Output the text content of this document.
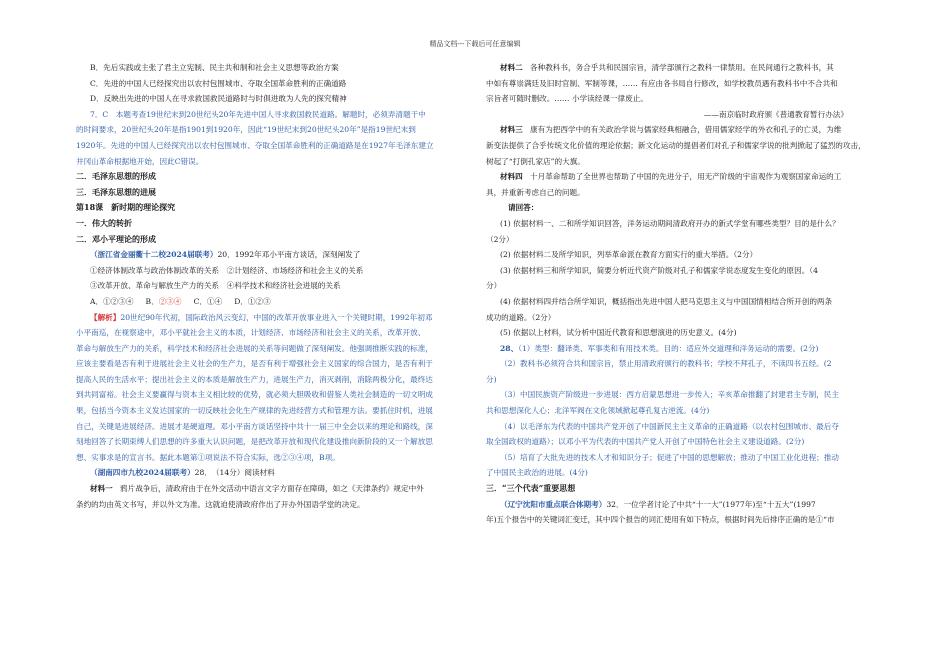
精品文档---下载后可任意编辑

B．先后实践或主张了君主立宪制、民主共和制和社会主义思想等政治方案

C．先进的中国人已经探究出以农村包围城市、夺取全国革命胜利的正确道路

D．反映出先进的中国人在寻求救国救民道路时与时俱进敢为人先的探究精神

7．C　本题考查19世纪末到20世纪头20年先进中国人寻求救国救民道路。解题时，必须弄清题干中

的时间要求，20世纪头20年是指1901到1920年，因此“19世纪末到20世纪头20年”是指19世纪末到

1920年。先进的中国人已经探究出以农村包围城市、夺取全国革命胜利的正确道路是在1927年毛泽东建立

井冈山革命根据地开始，因此C错误。

二．毛泽东思想的形成

三．毛泽东思想的进展

第18课　新时期的理论探究

一．伟大的转折

二．邓小平理论的形成

（浙江省金丽衢十二校2024届联考）20．1992年邓小平南方谈话，深刻阐发了

①经济体制改革与政治体制改革的关系　②计划经济、市场经济和社会主义的关系

③改革开放、革命与解放生产力的关系　④科学技术和经济社会进展的关系

A．①②③④ B．②③④ C．①④ D．①②③

【解析】20世纪90年代初，国际政治风云变幻，中国的改革开放事业进入一个关键时期，1992年初邓

小平南巡，在视察途中，邓小平就社会主义的本质，计划经济、市场经济和社会主义的关系，改革开放、

革命与解放生产力的关系，科学技术和经济社会进展的关系等问题做了深刻阐发。他强调推断实践的标准，

应该主要看是否有利于进展社会主义社会的生产力，是否有利于增强社会主义国家的综合国力，是否有利于

提高人民的生活水平；提出社会主义的本质是解放生产力，进展生产力，消灭剥削，消除两极分化，最终达

到共同富裕。社会主义要赢得与资本主义相比较的优势，就必须大胆吸收和借鉴人类社会制造的一切文明成

果，包括当今资本主义发达国家的一切反映社会化生产规律的先进经营方式和管理方法。要抓住时机，进展

自己，关键是进展经济。进展才是硬道理。邓小平南方谈话坚持中共十一届三中全会以来的理论和路线，深

刻地回答了长期束缚人们思想的许多重大认识问题，是把改革开放和现代化建设推向新阶段的又一个解放思

想、实事求是的宣言书。据此本题第①项说法不符合实际，选②③④项，B项。

（湖南四市九校2024届联考）28．　（14分）阅读材料

材料一 鸦片战争后，清政府由于在外交活动中语言文字方面存在障碍，如之《天津条约》规定中外

条约的均由英文书写，并以外文为准。这就迫使清政府作出了开办外国语学堂的决定。

材料二 各种教科书，务合乎共和民国宗旨，清学部颁行之教科一律禁用。在民间通行之教科书，其

中如有尊崇满廷及旧时官制、军制等课，…… 有应由各书局自行修改，如学校教员遇有教科书中不合共和

宗旨者可随时删改。…… 小学读经课一律废止。

——南京临时政府颁《普通教育暂行办法》

材料三 康有为把西学中的有关政治学说与儒家经典相融合，借用儒家经学的外衣和孔子的亡灵，为维

新变法提供了合乎传统文化价值的理论依据；新文化运动的提倡者们对孔子和儒家学说的批判掀起了猛烈的攻击，

树起了“打倒孔家店”的大旗。

材料四 十月革命帮助了全世界也帮助了中国的先进分子，用无产阶级的宇宙观作为观察国家命运的工

具，并重新考虑自己的问题。

请回答：

(1) 依据材料一、二和所学知识回答，洋务运动期间清政府开办的新式学堂有哪些类型？目的是什么？

（2分）

(2) 依据材料二及所学知识，列举革命派在教育方面实行的重大举措。（2分）

(3) 依据材料三和所学知识，简要分析近代资产阶级对孔子和儒家学说态度发生变化的原因。（4

分）

(4) 依据材料四并结合所学知识，概括指出先进中国人把马克思主义与中国国情相结合所开创的两条

成功的道路。（2分）

(5) 依据以上材料，试分析中国近代教育和思想演进的历史意义。(4分)

28、（1）类型：翻译类、军事类和有用技术类。目的：适应外交道理和洋务运动的需要。(2分)

（2）教科书必须符合共和国宗旨，禁止用清政府颁行的教科书；学校不拜孔子，不读四书五经。(2

分)

（3）中国民族资产阶级进一步进展：西方启蒙思想进一步传入；辛亥革命推翻了封建君主专制，民主

共和思想深化人心；北洋军阀在文化领域掀起尊孔复古逆流。(4分)

（4）以毛泽东为代表的中国共产党开创了中国新民主主义革命的正确道路（以农村包围城市、最后夺

取全国政权的道路）；以邓小平为代表的中国共产党人开创了中国特色社会主义建设道路。(2分)

（5）培育了大批先进的技术人才和知识分子；促进了中国的思想解放；推动了中国工业化进程；推动

了中国民主政治的进展。(4分)

三．“三个代表”重要思想

（辽宁沈阳市重点联合体期考）32．一位学者讨论了中共“十一大”(1977年)至“十五大”(1997

年)五个报告中的关键词汇变迁，其中四个报告的词汇使用有如下特点，根据时间先后排序正确的是①“市
